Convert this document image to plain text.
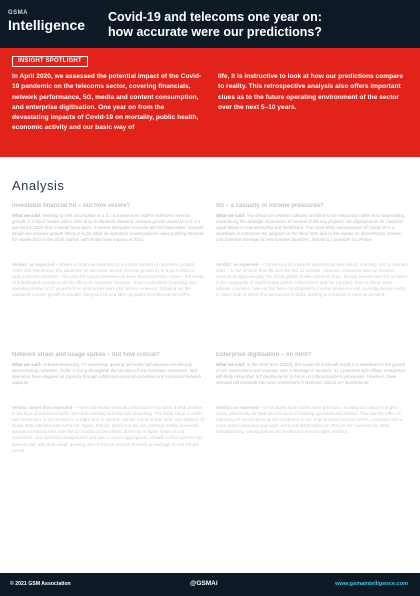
GSMA
Intelligence Covid-19 and telecoms one year on:
how accurate were our predictions?
INSIGHT SPOTLIGHT
In April 2020, we assessed the potential impact of the Covid-19 pandemic on the telecoms sector, covering financials, network performance, 5G, media and content consumption, and enterprise digitisation. One year on from the devastating impacts of Covid-19 on mortality, public health, economic activity and our basic way of
life, it is instructive to look at how our predictions compare to reality. This retrospective analysis also offers important clues as to the future operating environment of the sector over the next 5–10 years.
Analysis
Investable financial hit – but how severe?
What we said: Working on the assumption of a 3.1 baseline level GDP in telecoms revenue growth, a 'critical' model, with a 20% drop in domestic demand, revenue growth would be 2.5–3.5 per cent in 2020 than it would have been. A severe disruption scenario did not materialise; network would see revenue growth fall by 5–6 pts while its operators issued positive sales pushing demand for mobile data in the 2020 market, with limited new impact on 2021.
Verdict: as expected – Based on financial reporting by a limited number of operators (notably AT&T and Telefónica), the pandemic hit telecoms service revenue growth by 4–6 pp in 2020 in higher income countries. This puts the impact between our base and pessimistic cases – the result of a prolonged recession and its effect on consumer incomes. Travel restrictions (roaming) and spending delays on IT projects from enterprises were key factors. However, stripping out the pandemic impact, growth is actually rising as LTE and fibre upgrades feed through to ARPU.
5G – a casualty of income pressures?
What we said: Any delays (in network rollouts) are likely to be temporary rather than long-lasting, considering the strategic importance of several of the key projects; 5G deployments for industrial applications in manufacturing and healthcare. The more likely consequence of Covid-19 is a slowdown in consumer 5G adoption in the short term due to the impact on discretionary income and potential shortage of new handset launches, including a possible 5G iPhone.
Verdict: as expected – Commercial 5G network launches proved robust, reaching 140 by January 2021 – a rise of more than 80 over the last 12 months. However, consumer take-up remains minimal at approximately 3% of the global mobile customer base, though we estimate this is higher in the vanguards of South Korea (22%), China (15%) and the US (5%). Even in these early-adopter countries, take-up has been constrained by income pressures and coverage being mostly in cities, both of which should improve in 2021, leading to a release in pent-up demand.
Network strain and usage spikes – but how critical?
What we said: Videoconferencing, TV streaming, gaming and even call volumes are already stress-testing networks. Traffic is rising throughout the duration of any lockdown measures, and operators have stepped up capacity through additional spectrum provision and increased network capacity.
Verdict: better than expected – Fixed and mobile network performance has been a clear positive in the face of sustained traffic rises from working at home and streaming. The initial surge in traffic with lockdowns in Q2 resulted in a slight drop in speeds, but the rebound was swift. Our analysis of Ookla data indicates that in the US, Spain, France, Brazil and the UK, average mobile download speeds increased 44% over the 12 months to December, driven by a higher share of LTE customers, new spectrum assignments and use of carrier aggregation. Growth in fibre speeds has been similar, with data usage growing 40% in the US and UK to reach an average of 520 GB per month.
Enterprise digitisation – on hold?
What we said: In the short term (2020), the Covid-19 crisis will result in a slowdown in the growth of IoT connections and revenue, with a shortage of workers; as a potential side-effect, enterprises will likely delay their IoT deployments to focus on critical business processes. However, lower demand will translate into more investment in business critical IoT investments.
Verdict: as expected – IoT budgets have come under pressure, resulting in a delay in project starts, particularly for B2B sectors such as building operators and utilities. This had the effect of reducing IoT connections by 4% compared to our original 2020 forecast, which, combined with a more value-conscious approach, will erode $200 billion (or 25%) of IoT revenues by 2025. Manufacturing, transportation and healthcare remain highly resilient.
© 2021 GSM Association	@GSMAi	www.gsmaintelligence.com
